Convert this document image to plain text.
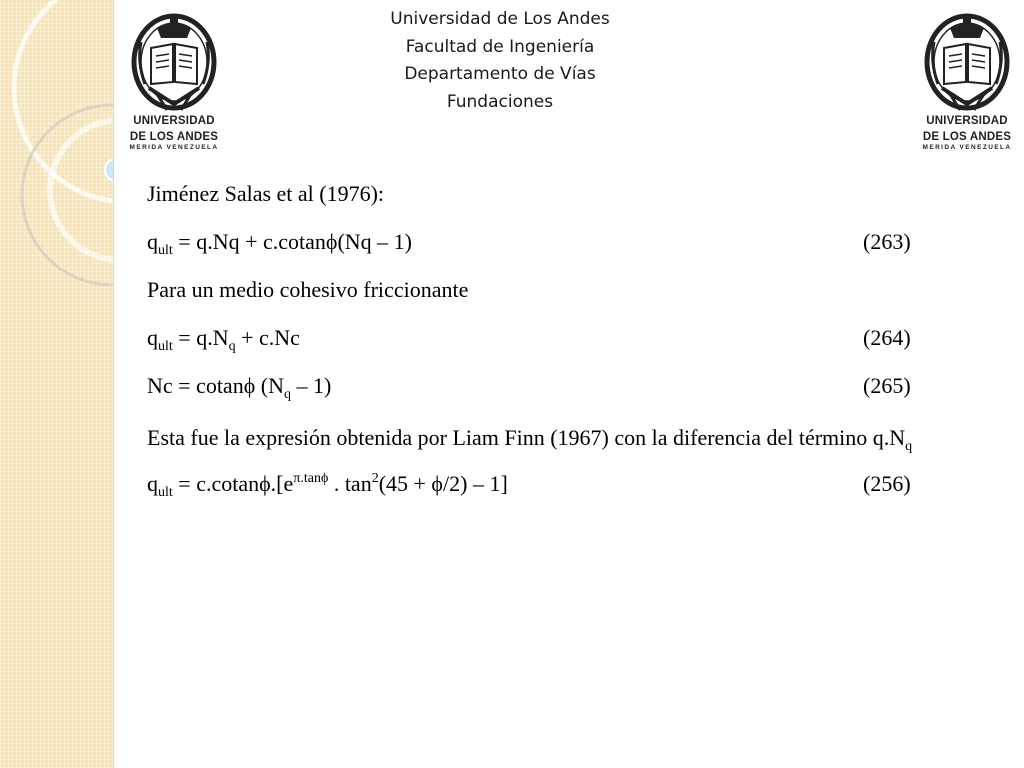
UNIVERSIDAD
DE LOS ANDES
MERIDA VENEZUELA
UNIVERSIDAD
DE LOS ANDES
MERIDA VENEZUELA
Universidad de Los Andes
Facultad de Ingeniería
Departamento de Vías
Fundaciones
Jiménez Salas et al (1976):
$q_{ult} = q.Nq + c.cotan\phi(Nq - 1)$	(263)
Para un medio cohesivo friccionante
$q_{ult} = q.N_q + c.Nc$	(264)
Nc = cotanϕ $(N_q - 1)$	(265)
Esta fue la expresión obtenida por Liam Finn (1967) con la diferencia del término $q.N_q$
$q_{ult} = c.cotan\phi.[e^{\pi.tan\phi}$ . $\tan^2(45 + \phi/2) - 1$]	(256)
